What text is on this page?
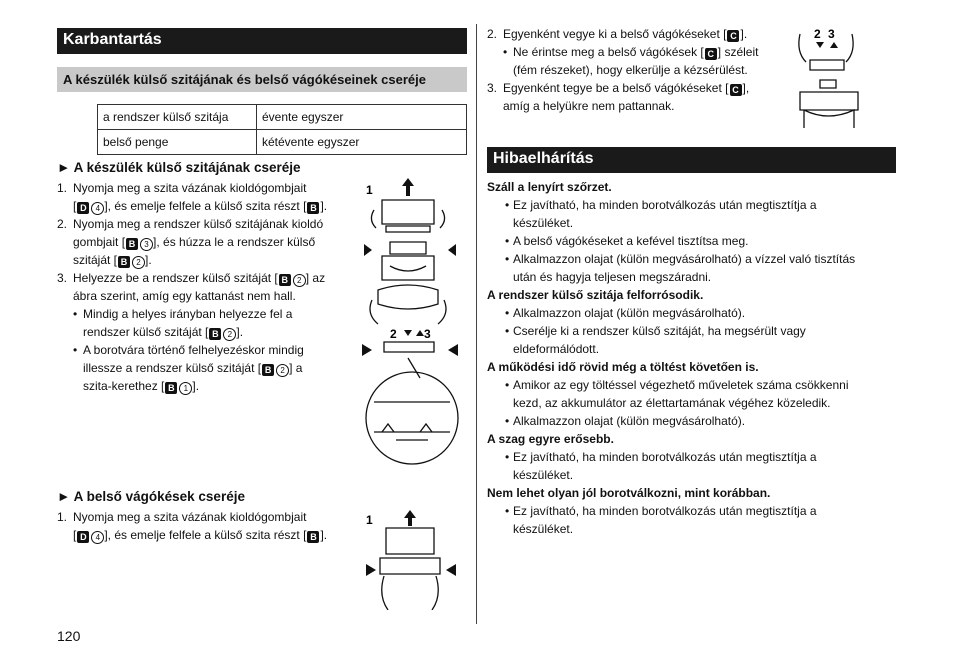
Karbantartás
A készülék külső szitájának és belső vágókéseinek cseréje
a rendszer külső szitája	évente egyszer
belső penge	kétévente egyszer
► A készülék külső szitájának cseréje
1. Nyomja meg a szita vázának kioldógombjait
[ D 4 ], és emelje felfele a külső szita részt [ B ].
2. Nyomja meg a rendszer külső szitájának kioldó
gombjait [ B 3 ], és húzza le a rendszer külső
szitáját [ B 2 ].
3. Helyezze be a rendszer külső szitáját [ B 2 ] az
ábra szerint, amíg egy kattanást nem hall.
• Mindig a helyes irányban helyezze fel a
rendszer külső szitáját [ B 2 ].
• A borotvára történő felhelyezéskor mindig
illessze a rendszer külső szitáját [ B 2 ] a
szita-kerethez [ B 1 ].
► A belső vágókések cseréje
1. Nyomja meg a szita vázának kioldógombjait
[ D 4 ], és emelje felfele a külső szita részt [ B ].
1
2 3
1
120
2. Egyenként vegye ki a belső vágókéseket [ C ].
• Ne érintse meg a belső vágókések [ C ] széleit
(fém részeket), hogy elkerülje a kézsérülést.
3. Egyenként tegye be a belső vágókéseket [ C ],
amíg a helyükre nem pattannak.
2 3
Hibaelhárítás
Száll a lenyírt szőrzet.
• Ez javítható, ha minden borotválkozás után megtisztítja a
készüléket.
• A belső vágókéseket a kefével tisztítsa meg.
• Alkalmazzon olajat (külön megvásárolható) a vízzel való tisztítás
után és hagyja teljesen megszáradni.
A rendszer külső szitája felforrósodik.
• Alkalmazzon olajat (külön megvásárolható).
• Cserélje ki a rendszer külső szitáját, ha megsérült vagy
eldeformálódott.
A működési idő rövid még a töltést követően is.
• Amikor az egy töltéssel végezhető műveletek száma csökkenni
kezd, az akkumulátor az élettartamának végéhez közeledik.
• Alkalmazzon olajat (külön megvásárolható).
A szag egyre erősebb.
• Ez javítható, ha minden borotválkozás után megtisztítja a
készüléket.
Nem lehet olyan jól borotválkozni, mint korábban.
• Ez javítható, ha minden borotválkozás után megtisztítja a
készüléket.
